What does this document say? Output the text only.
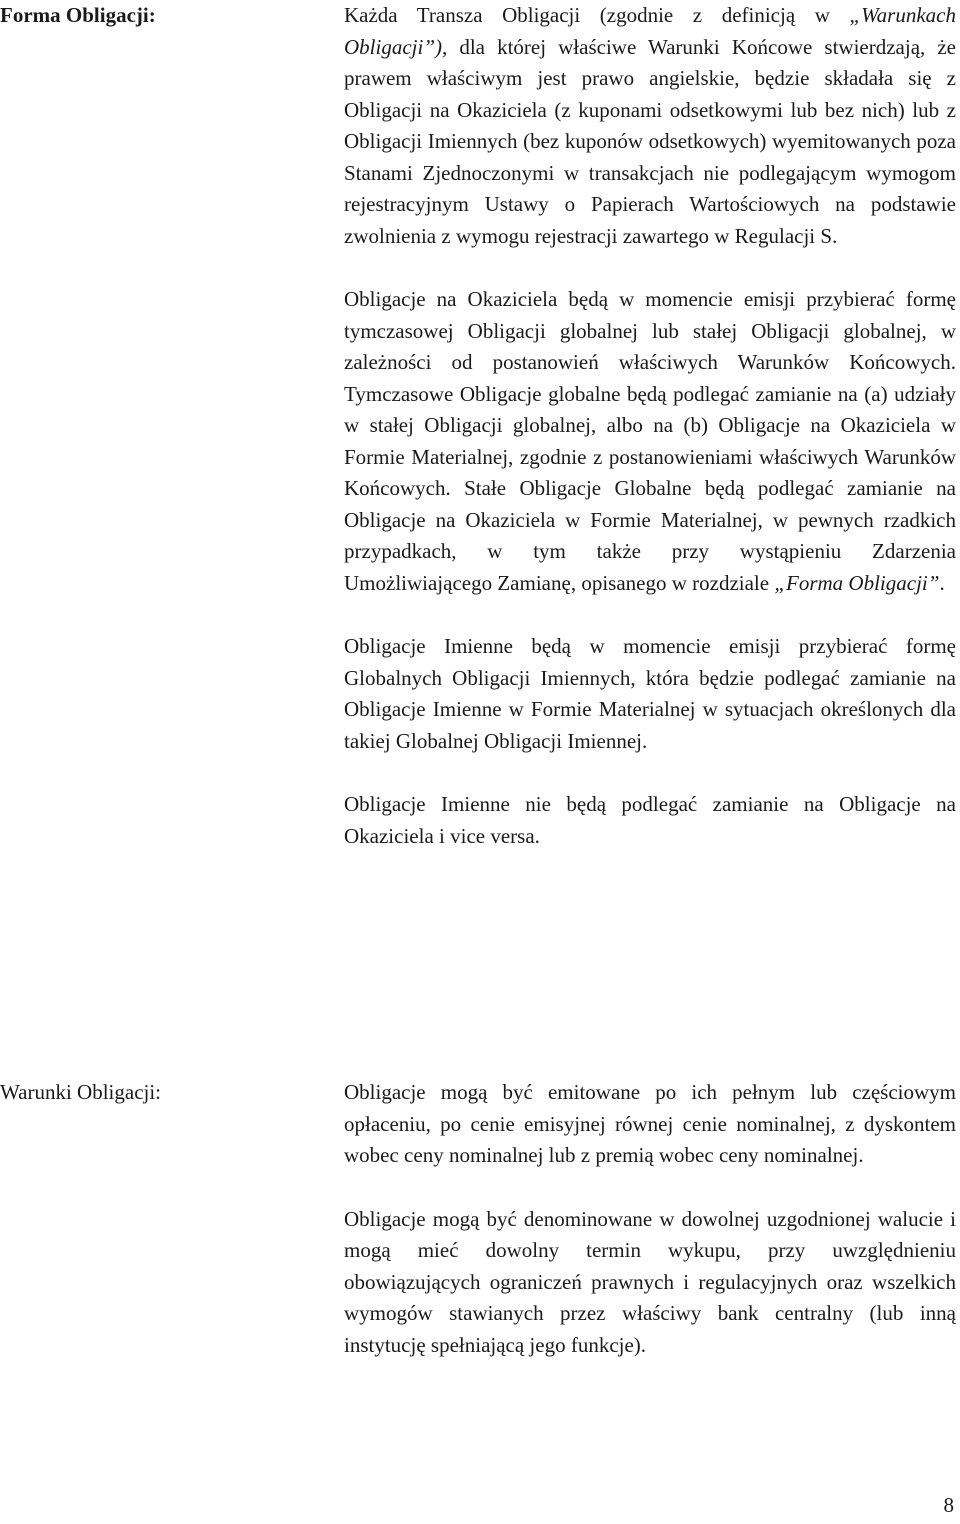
Forma Obligacji:	Każda Transza Obligacji (zgodnie z definicją w „Warunkach Obligacji”), dla której właściwe Warunki Końcowe stwierdzają, że prawem właściwym jest prawo angielskie, będzie składała się z Obligacji na Okaziciela (z kuponami odsetkowymi lub bez nich) lub z Obligacji Imiennych (bez kuponów odsetkowych) wyemitowanych poza Stanami Zjednoczonymi w transakcjach nie podlegającym wymogom rejestracyjnym Ustawy o Papierach Wartościowych na podstawie zwolnienia z wymogu rejestracji zawartego w Regulacji S.

Obligacje na Okaziciela będą w momencie emisji przybierać formę tymczasowej Obligacji globalnej lub stałej Obligacji globalnej, w zależności od postanowień właściwych Warunków Końcowych. Tymczasowe Obligacje globalne będą podlegać zamianie na (a) udziały w stałej Obligacji globalnej, albo na (b) Obligacje na Okaziciela w Formie Materialnej, zgodnie z postanowieniami właściwych Warunków Końcowych. Stałe Obligacje Globalne będą podlegać zamianie na Obligacje na Okaziciela w Formie Materialnej, w pewnych rzadkich przypadkach, w tym także przy wystąpieniu Zdarzenia Umożliwiającego Zamianę, opisanego w rozdziale „Forma Obligacji”.

Obligacje Imienne będą w momencie emisji przybierać formę Globalnych Obligacji Imiennych, która będzie podlegać zamianie na Obligacje Imienne w Formie Materialnej w sytuacjach określonych dla takiej Globalnej Obligacji Imiennej.

Obligacje Imienne nie będą podlegać zamianie na Obligacje na Okaziciela i vice versa.

Warunki Obligacji:	Obligacje mogą być emitowane po ich pełnym lub częściowym opłaceniu, po cenie emisyjnej równej cenie nominalnej, z dyskontem wobec ceny nominalnej lub z premią wobec ceny nominalnej.

Obligacje mogą być denominowane w dowolnej uzgodnionej walucie i mogą mieć dowolny termin wykupu, przy uwzględnieniu obowiązujących ograniczeń prawnych i regulacyjnych oraz wszelkich wymogów stawianych przez właściwy bank centralny (lub inną instytucję spełniającą jego funkcje).

8
